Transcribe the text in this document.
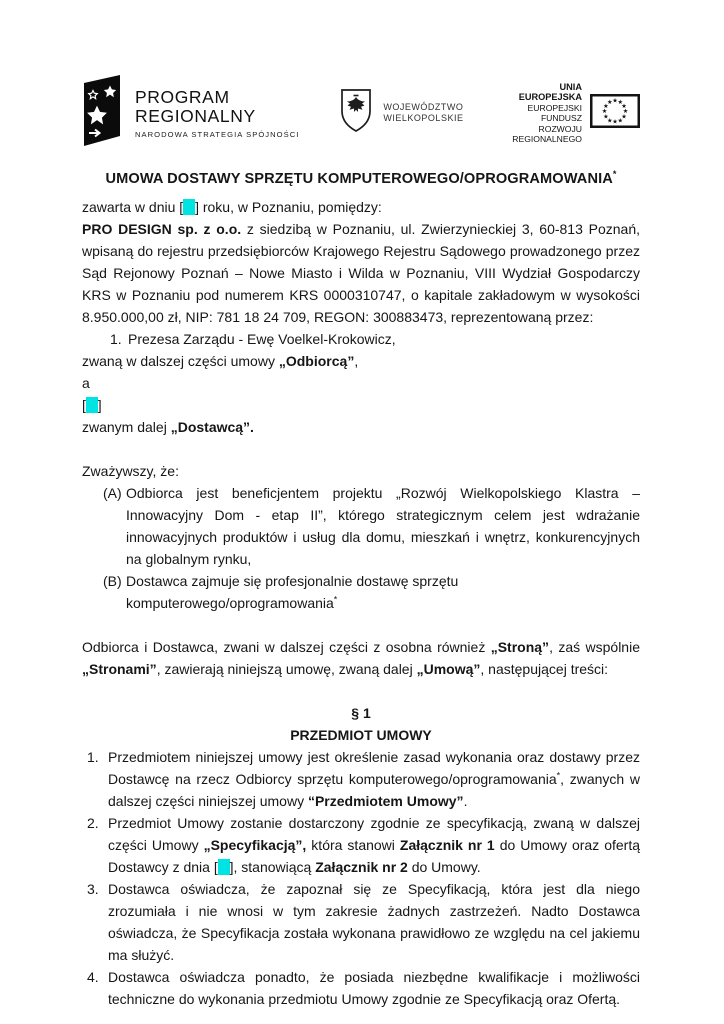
PROGRAM
REGIONALNY
NARODOWA STRATEGIA SPÓJNOŚCI
WOJEWÓDZTWO
WIELKOPOLSKIE
UNIA EUROPEJSKA
EUROPEJSKI FUNDUSZ
ROZWOJU REGIONALNEGO
★ ★
★
★
★
★
★
★
★
★
★
★
UMOWA DOSTAWY SPRZĘTU KOMPUTEROWEGO/OPROGRAMOWANIA*
zawarta w dniu [ ] roku, w Poznaniu, pomiędzy:
PRO DESIGN sp. z o.o. z siedzibą w Poznaniu, ul. Zwierzynieckiej 3, 60-813 Poznań, wpisaną do rejestru przedsiębiorców Krajowego Rejestru Sądowego prowadzonego przez Sąd Rejonowy Poznań – Nowe Miasto i Wilda w Poznaniu, VIII Wydział Gospodarczy KRS w Poznaniu pod numerem KRS 0000310747, o kapitale zakładowym w wysokości 8.950.000,00 zł, NIP: 781 18 24 709, REGON: 300883473, reprezentowaną przez:
1. Prezesa Zarządu - Ewę Voelkel-Krokowicz,
zwaną w dalszej części umowy „Odbiorcą”,
a
[ ]
zwanym dalej „Dostawcą”.
Zważywszy, że:
(A) Odbiorca jest beneficjentem projektu „Rozwój Wielkopolskiego Klastra – Innowacyjny Dom - etap II”, którego strategicznym celem jest wdrażanie innowacyjnych produktów i usług dla domu, mieszkań i wnętrz, konkurencyjnych na globalnym rynku,
(B) Dostawca zajmuje się profesjonalnie dostawę sprzętu komputerowego/oprogramowania*
Odbiorca i Dostawca, zwani w dalszej części z osobna również „Stroną”, zaś wspólnie „Stronami”, zawierają niniejszą umowę, zwaną dalej „Umową”, następującej treści:
§ 1
PRZEDMIOT UMOWY
1. Przedmiotem niniejszej umowy jest określenie zasad wykonania oraz dostawy przez Dostawcę na rzecz Odbiorcy sprzętu komputerowego/oprogramowania*, zwanych w dalszej części niniejszej umowy “Przedmiotem Umowy”.
2. Przedmiot Umowy zostanie dostarczony zgodnie ze specyfikacją, zwaną w dalszej części Umowy „Specyfikacją”, która stanowi Załącznik nr 1 do Umowy oraz ofertą Dostawcy z dnia [ ], stanowiącą Załącznik nr 2 do Umowy.
3. Dostawca oświadcza, że zapoznał się ze Specyfikacją, która jest dla niego zrozumiała i nie wnosi w tym zakresie żadnych zastrzeżeń. Nadto Dostawca oświadcza, że Specyfikacja została wykonana prawidłowo ze względu na cel jakiemu ma służyć.
4. Dostawca oświadcza ponadto, że posiada niezbędne kwalifikacje i możliwości techniczne do wykonania przedmiotu Umowy zgodnie ze Specyfikacją oraz Ofertą.
